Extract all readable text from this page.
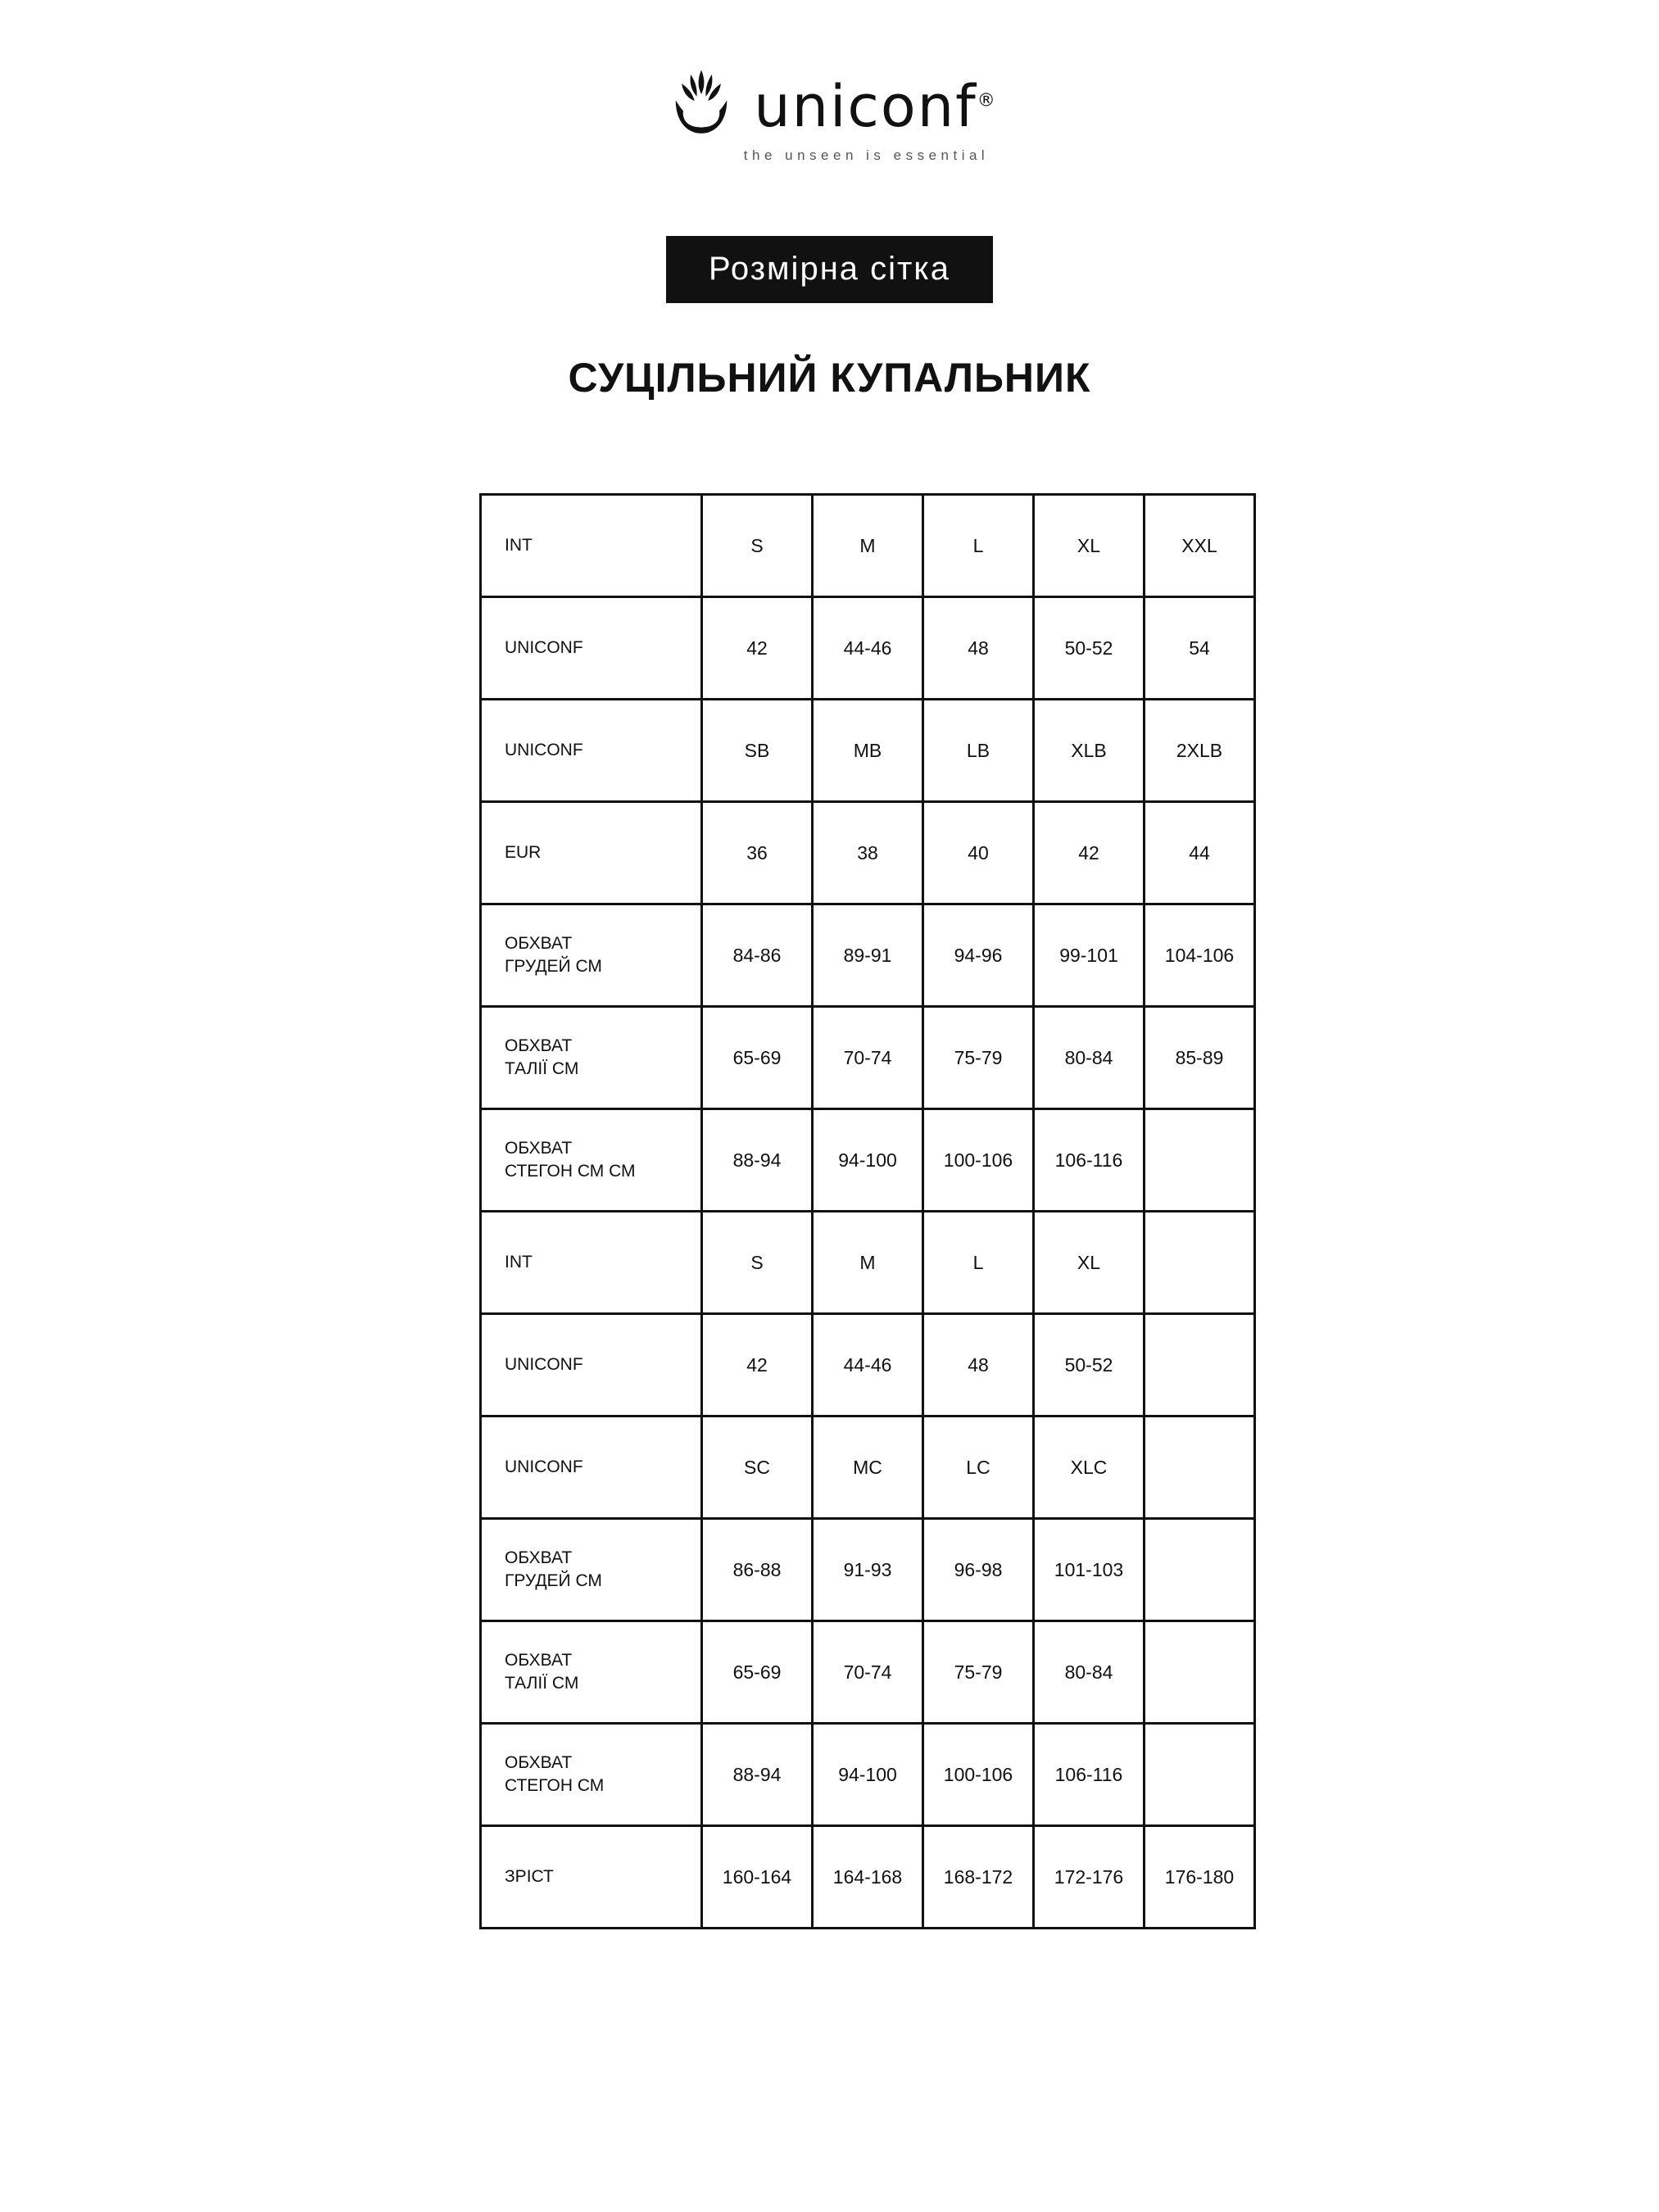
uniconf®
the unseen is essential
Розмірна сітка
СУЦІЛЬНИЙ КУПАЛЬНИК
INT	S	M	L	XL	XXL

UNICONF	42	44-46	48	50-52	54

UNICONF	SB	MB	LB	XLB	2XLB

EUR	36	38	40	42	44

ОБХВАТ
ГРУДЕЙ СМ	84-86	89-91	94-96	99-101	104-106

ОБХВАТ
ТАЛІЇ СМ	65-69	70-74	75-79	80-84	85-89

ОБХВАТ
СТЕГОН СМ СМ	88-94	94-100	100-106	106-116	

INT	S	M	L	XL	

UNICONF	42	44-46	48	50-52	

UNICONF	SC	MC	LC	XLC	

ОБХВАТ
ГРУДЕЙ СМ	86-88	91-93	96-98	101-103	

ОБХВАТ
ТАЛІЇ СМ	65-69	70-74	75-79	80-84	

ОБХВАТ
СТЕГОН СМ	88-94	94-100	100-106	106-116	

ЗРІСТ	160-164	164-168	168-172	172-176	176-180
